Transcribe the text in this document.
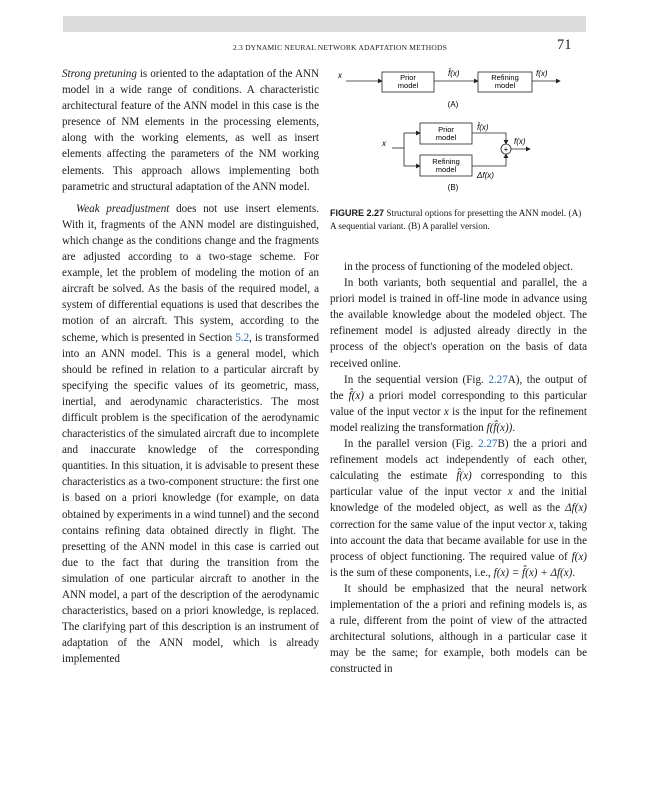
2.3 DYNAMIC NEURAL NETWORK ADAPTATION METHODS	71

Strong pretuning is oriented to the adaptation of the ANN model in a wide range of conditions. A characteristic architectural feature of the ANN model in this case is the presence of NM elements in the processing elements, along with the working elements, as well as insert elements affecting the parameters of the NM working elements. This approach allows implementing both parametric and structural adaptation of the ANN model.

Weak preadjustment does not use insert elements. With it, fragments of the ANN model are distinguished, which change as the conditions change and the fragments are adjusted according to a two-stage scheme. For example, let the problem of modeling the motion of an aircraft be solved. As the basis of the required model, a system of differential equations is used that describes the motion of an aircraft. This system, according to the scheme, which is presented in Section 5.2, is transformed into an ANN model. This is a general model, which should be refined in relation to a particular aircraft by specifying the specific values of its geometric, mass, inertial, and aerodynamic characteristics. The most difficult problem is the specification of the aerodynamic characteristics of the simulated aircraft due to incomplete and inaccurate knowledge of the corresponding quantities. In this situation, it is advisable to present these characteristics as a two-component structure: the first one is based on a priori knowledge (for example, on data obtained by experiments in a wind tunnel) and the second contains refining data obtained directly in flight. The presetting of the ANN model in this case is carried out due to the fact that during the transition from the simulation of one particular aircraft to another in the ANN model, a part of the description of the aerodynamic characteristics, based on a priori knowledge, is replaced. The clarifying part of this description is an instrument of adaptation of the ANN model, which is already implemented

x	Prior
model
f̂(x)	Refining
model
f(x)
(A)
x
Prior
model
Refining
model
f̂(x)
Δf(x)
+
f(x)
(B)
FIGURE 2.27 Structural options for presetting the ANN model. (A) A sequential variant. (B) A parallel version.

in the process of functioning of the modeled object.

In both variants, both sequential and parallel, the a priori model is trained in off-line mode in advance using the available knowledge about the modeled object. The refinement model is adjusted already directly in the process of the object's operation on the basis of data received online.

In the sequential version (Fig. 2.27A), the output of the f̂(x) a priori model corresponding to this particular value of the input vector x is the input for the refinement model realizing the transformation f(f̂(x)).

In the parallel version (Fig. 2.27B) the a priori and refinement models act independently of each other, calculating the estimate f̂(x) corresponding to this particular value of the input vector x and the initial knowledge of the modeled object, as well as the Δf(x) correction for the same value of the input vector x, taking into account the data that became available for use in the process of object functioning. The required value of f(x) is the sum of these components, i.e., f(x) = f̂(x) + Δf(x).

It should be emphasized that the neural network implementation of the a priori and refining models is, as a rule, different from the point of view of the attracted architectural solutions, although in a particular case it may be the same; for example, both models can be constructed in
